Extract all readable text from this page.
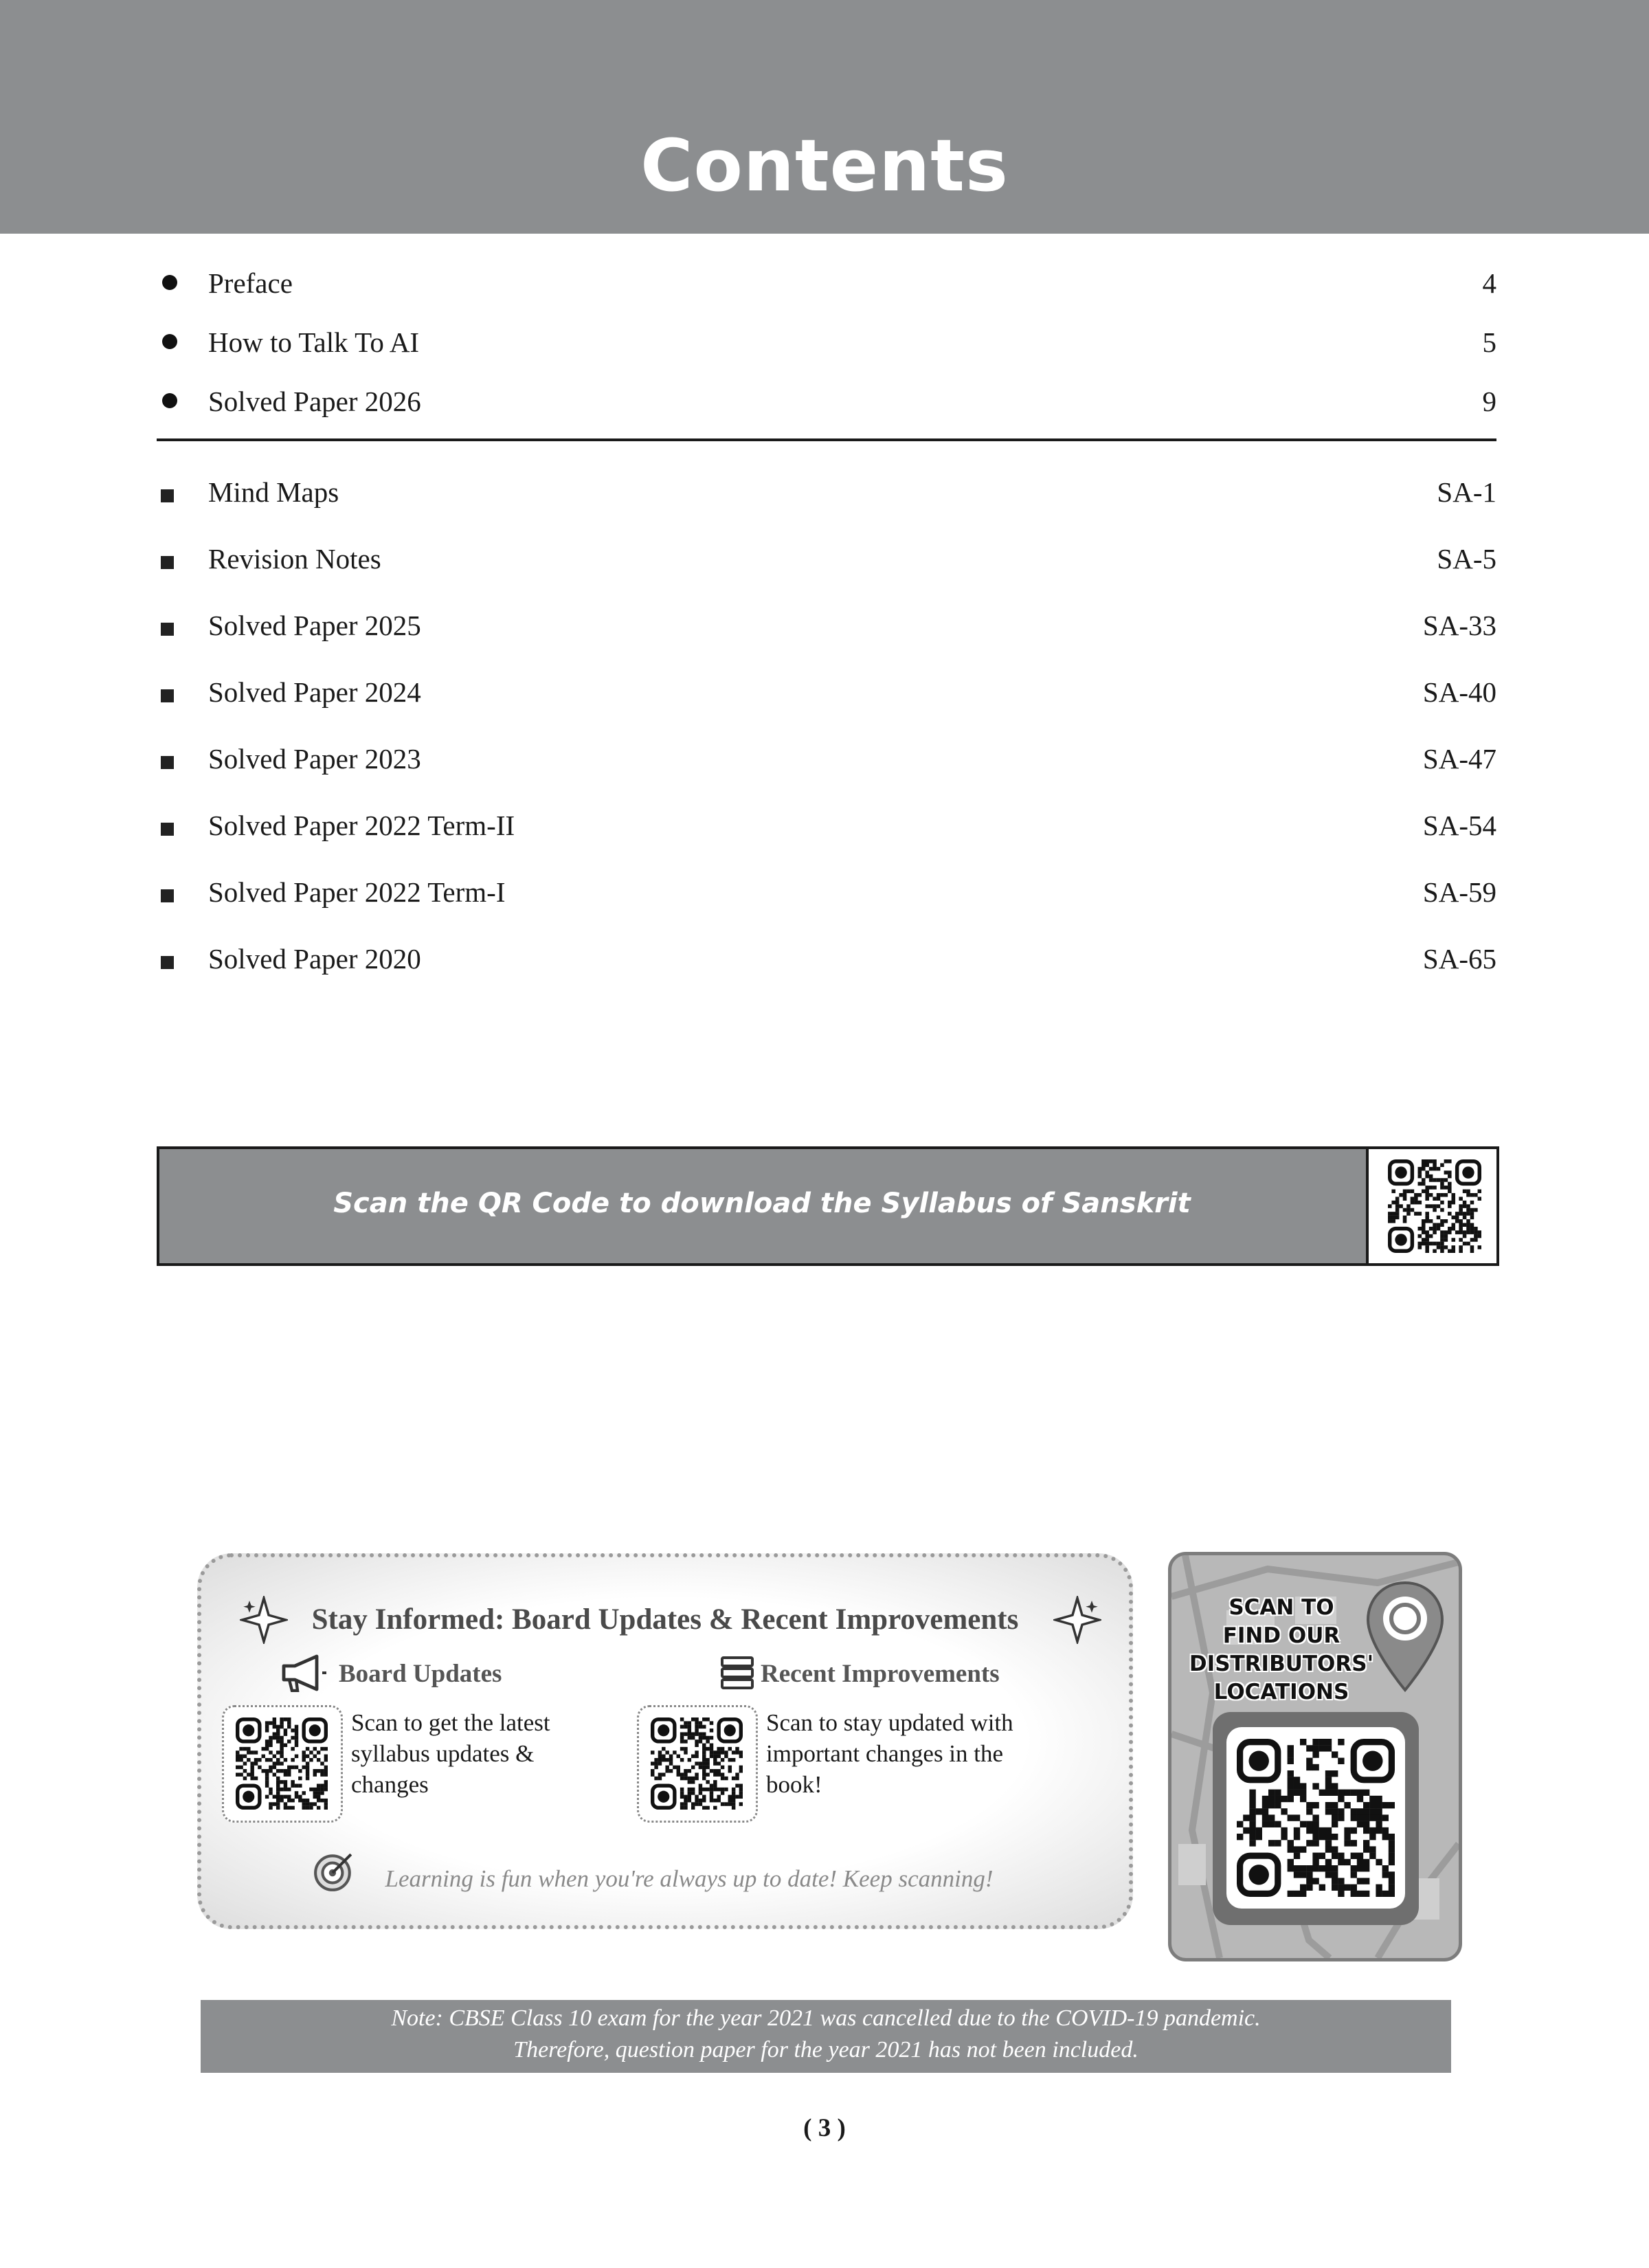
Contents
Preface	4
How to Talk To AI	5
Solved Paper 2026	9
Mind Maps	SA-1
Revision Notes	SA-5
Solved Paper 2025	SA-33
Solved Paper 2024	SA-40
Solved Paper 2023	SA-47
Solved Paper 2022 Term-II	SA-54
Solved Paper 2022 Term-I	SA-59
Solved Paper 2020	SA-65
Scan the QR Code to download the Syllabus of Sanskrit
Stay Informed: Board Updates & Recent Improvements
Board Updates
Scan to get the latest
syllabus updates &
changes
Recent Improvements
Scan to stay updated with
important changes in the
book!
Learning is fun when you're always up to date! Keep scanning!
SCAN TO
FIND OUR
DISTRIBUTORS'
LOCATIONS
Note: CBSE Class 10 exam for the year 2021 was cancelled due to the COVID-19 pandemic.
Therefore, question paper for the year 2021 has not been included.
( 3 )
